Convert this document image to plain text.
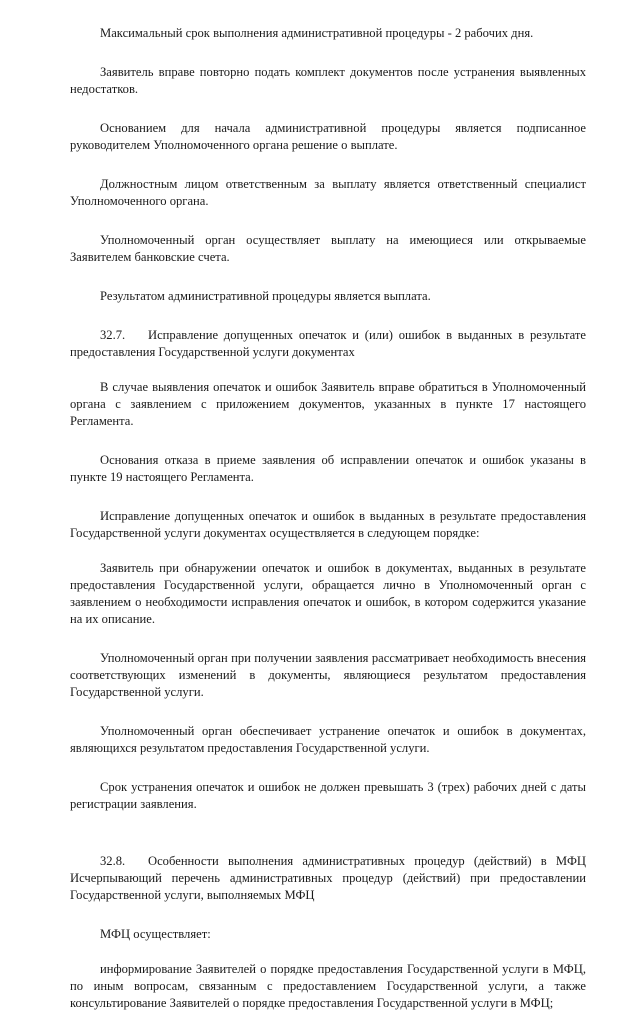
Максимальный срок выполнения административной процедуры - 2 рабочих дня.

Заявитель вправе повторно подать комплект документов после устранения выявленных недостатков.

Основанием для начала административной процедуры является подписанное руководителем Уполномоченного органа решение о выплате.

Должностным лицом ответственным за выплату является ответственный специалист Уполномоченного органа.

Уполномоченный орган осуществляет выплату на имеющиеся или открываемые Заявителем банковские счета.

Результатом административной процедуры является выплата.

32.7. Исправление допущенных опечаток и (или) ошибок в выданных в результате предоставления Государственной услуги документах

В случае выявления опечаток и ошибок Заявитель вправе обратиться в Уполномоченный органа с заявлением с приложением документов, указанных в пункте 17 настоящего Регламента.

Основания отказа в приеме заявления об исправлении опечаток и ошибок указаны в пункте 19 настоящего Регламента.

Исправление допущенных опечаток и ошибок в выданных в результате предоставления Государственной услуги документах осуществляется в следующем порядке:

Заявитель при обнаружении опечаток и ошибок в документах, выданных в результате предоставления Государственной услуги, обращается лично в Уполномоченный орган с заявлением о необходимости исправления опечаток и ошибок, в котором содержится указание на их описание.

Уполномоченный орган при получении заявления рассматривает необходимость внесения соответствующих изменений в документы, являющиеся результатом предоставления Государственной услуги.

Уполномоченный орган обеспечивает устранение опечаток и ошибок в документах, являющихся результатом предоставления Государственной услуги.

Срок устранения опечаток и ошибок не должен превышать 3 (трех) рабочих дней с даты регистрации заявления.

32.8. Особенности выполнения административных процедур (действий) в МФЦ Исчерпывающий перечень административных процедур (действий) при предоставлении Государственной услуги, выполняемых МФЦ

МФЦ осуществляет:

информирование Заявителей о порядке предоставления Государственной услуги в МФЦ, по иным вопросам, связанным с предоставлением Государственной услуги, а также консультирование Заявителей о порядке предоставления Государственной услуги в МФЦ;
